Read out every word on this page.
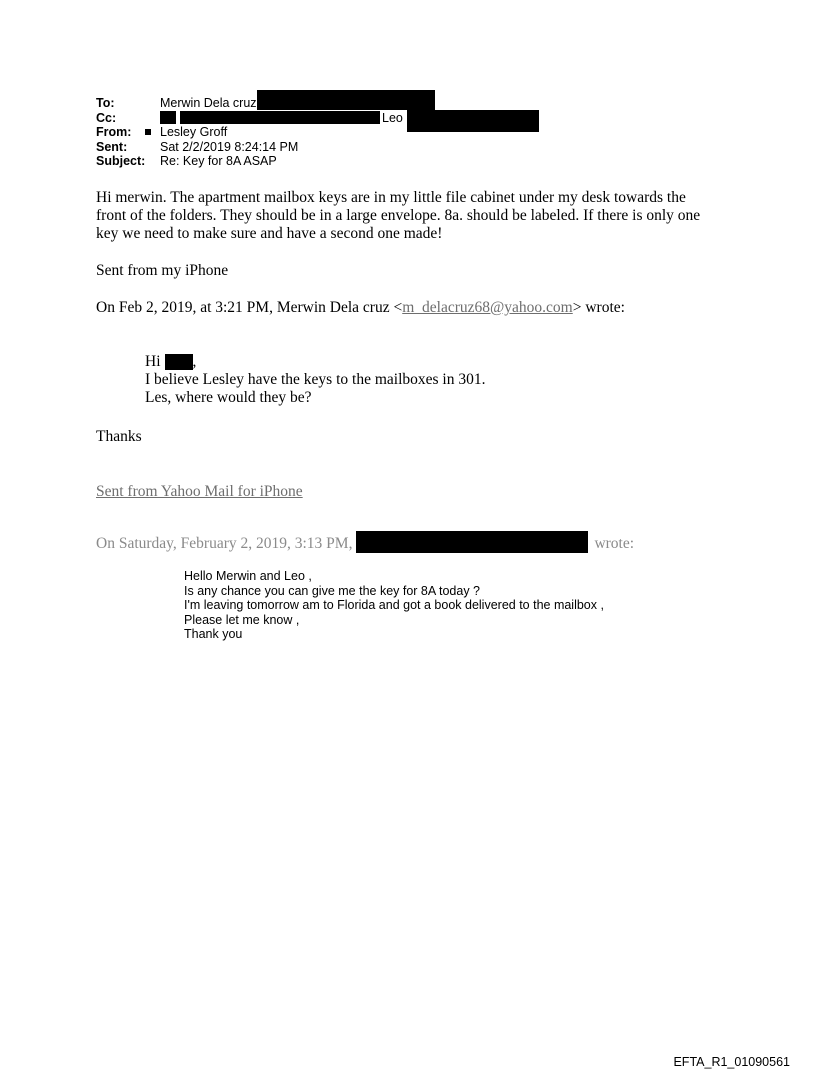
To:	Merwin Dela cruz
Cc:	Leo
From:	Lesley Groff
Sent:	Sat 2/2/2019 8:24:14 PM
Subject:	Re: Key for 8A ASAP
Hi merwin. The apartment mailbox keys are in my little file cabinet under my desk towards the
front of the folders. They should be in a large envelope. 8a. should be labeled. If there is only one
key we need to make sure and have a second one made!
Sent from my iPhone
On Feb 2, 2019, at 3:21 PM, Merwin Dela cruz <m_delacruz68@yahoo.com> wrote:
Hi ,
I believe Lesley have the keys to the mailboxes in 301.
Les, where would they be?
Thanks
Sent from Yahoo Mail for iPhone
On Saturday, February 2, 2019, 3:13 PM,	wrote:
Hello Merwin and Leo ,
Is any chance you can give me the key for 8A today ?
I'm leaving tomorrow am to Florida and got a book delivered to the mailbox ,
Please let me know ,
Thank you
EFTA_R1_01090561
